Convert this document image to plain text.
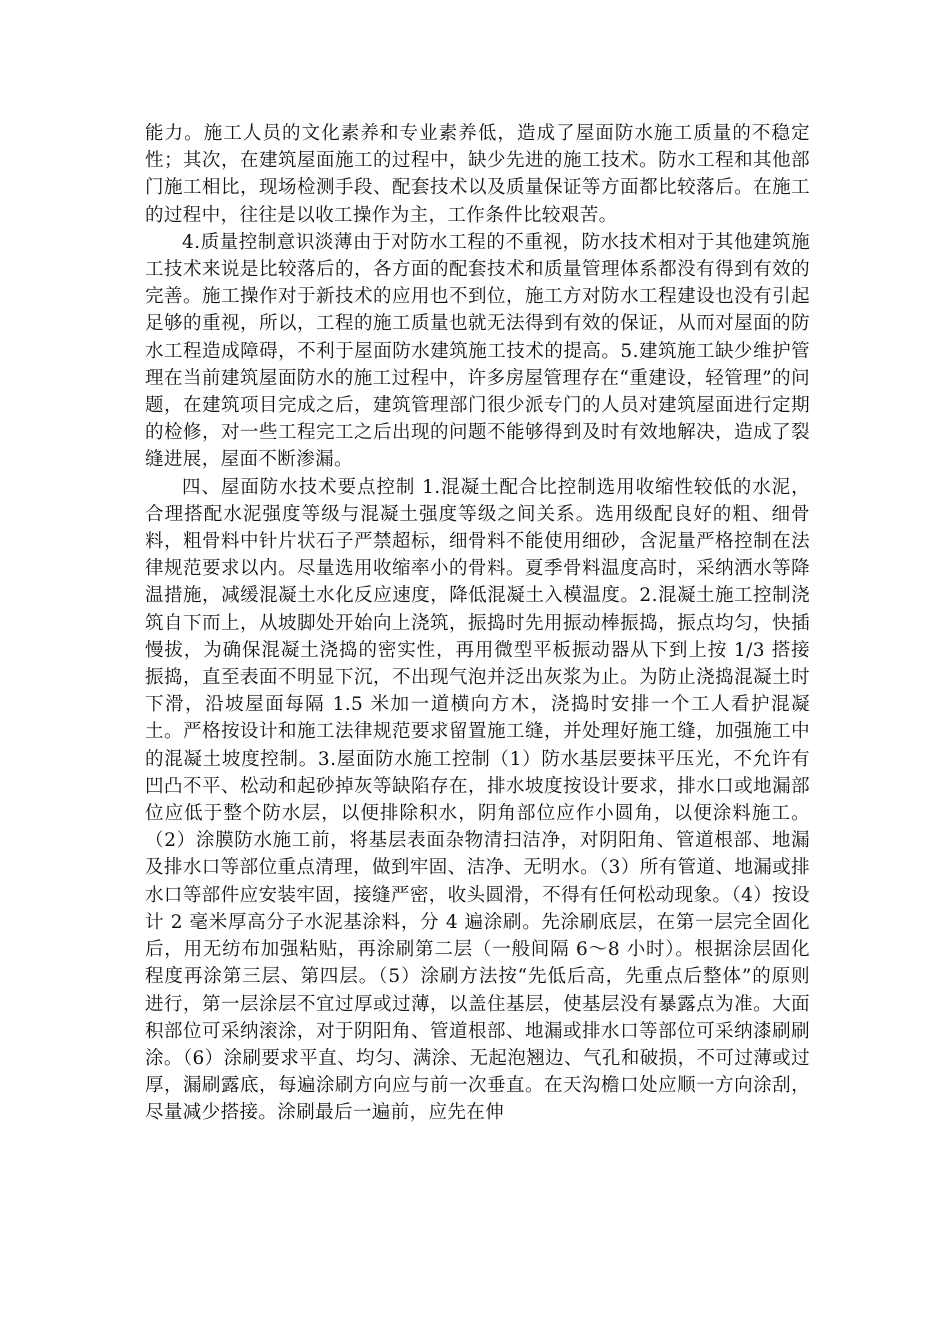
能力。施工人员的文化素养和专业素养低，造成了屋面防水施工质量的不稳定性；其次，在建筑屋面施工的过程中，缺少先进的施工技术。防水工程和其他部门施工相比，现场检测手段、配套技术以及质量保证等方面都比较落后。在施工的过程中，往往是以收工操作为主，工作条件比较艰苦。

4.质量控制意识淡薄由于对防水工程的不重视，防水技术相对于其他建筑施工技术来说是比较落后的，各方面的配套技术和质量管理体系都没有得到有效的完善。施工操作对于新技术的应用也不到位，施工方对防水工程建设也没有引起足够的重视，所以，工程的施工质量也就无法得到有效的保证，从而对屋面的防水工程造成障碍，不利于屋面防水建筑施工技术的提高。5.建筑施工缺少维护管理在当前建筑屋面防水的施工过程中，许多房屋管理存在“重建设，轻管理”的问题，在建筑项目完成之后，建筑管理部门很少派专门的人员对建筑屋面进行定期的检修，对一些工程完工之后出现的问题不能够得到及时有效地解决，造成了裂缝进展，屋面不断渗漏。

四、屋面防水技术要点控制 1.混凝土配合比控制选用收缩性较低的水泥，合理搭配水泥强度等级与混凝土强度等级之间关系。选用级配良好的粗、细骨料，粗骨料中针片状石子严禁超标，细骨料不能使用细砂，含泥量严格控制在法律规范要求以内。尽量选用收缩率小的骨料。夏季骨料温度高时，采纳洒水等降温措施，减缓混凝土水化反应速度，降低混凝土入模温度。2.混凝土施工控制浇筑自下而上，从坡脚处开始向上浇筑，振捣时先用振动棒振捣，振点均匀，快插慢拔，为确保混凝土浇捣的密实性，再用微型平板振动器从下到上按 1/3 搭接振捣，直至表面不明显下沉，不出现气泡并泛出灰浆为止。为防止浇捣混凝土时下滑，沿坡屋面每隔 1.5 米加一道横向方木，浇捣时安排一个工人看护混凝土。严格按设计和施工法律规范要求留置施工缝，并处理好施工缝，加强施工中的混凝土坡度控制。3.屋面防水施工控制（1）防水基层要抹平压光，不允许有凹凸不平、松动和起砂掉灰等缺陷存在，排水坡度按设计要求，排水口或地漏部位应低于整个防水层，以便排除积水，阴角部位应作小圆角，以便涂料施工。（2）涂膜防水施工前，将基层表面杂物清扫洁净，对阴阳角、管道根部、地漏及排水口等部位重点清理，做到牢固、洁净、无明水。（3）所有管道、地漏或排水口等部件应安装牢固，接缝严密，收头圆滑，不得有任何松动现象。（4）按设计 2 毫米厚高分子水泥基涂料，分 4 遍涂刷。先涂刷底层，在第一层完全固化后，用无纺布加强粘贴，再涂刷第二层（一般间隔 6～8 小时）。根据涂层固化程度再涂第三层、第四层。（5）涂刷方法按“先低后高，先重点后整体”的原则进行，第一层涂层不宜过厚或过薄，以盖住基层，使基层没有暴露点为准。大面积部位可采纳滚涂，对于阴阳角、管道根部、地漏或排水口等部位可采纳漆刷刷涂。（6）涂刷要求平直、均匀、满涂、无起泡翘边、气孔和破损，不可过薄或过厚，漏刷露底，每遍涂刷方向应与前一次垂直。在天沟檐口处应顺一方向涂刮，尽量减少搭接。涂刷最后一遍前，应先在伸
